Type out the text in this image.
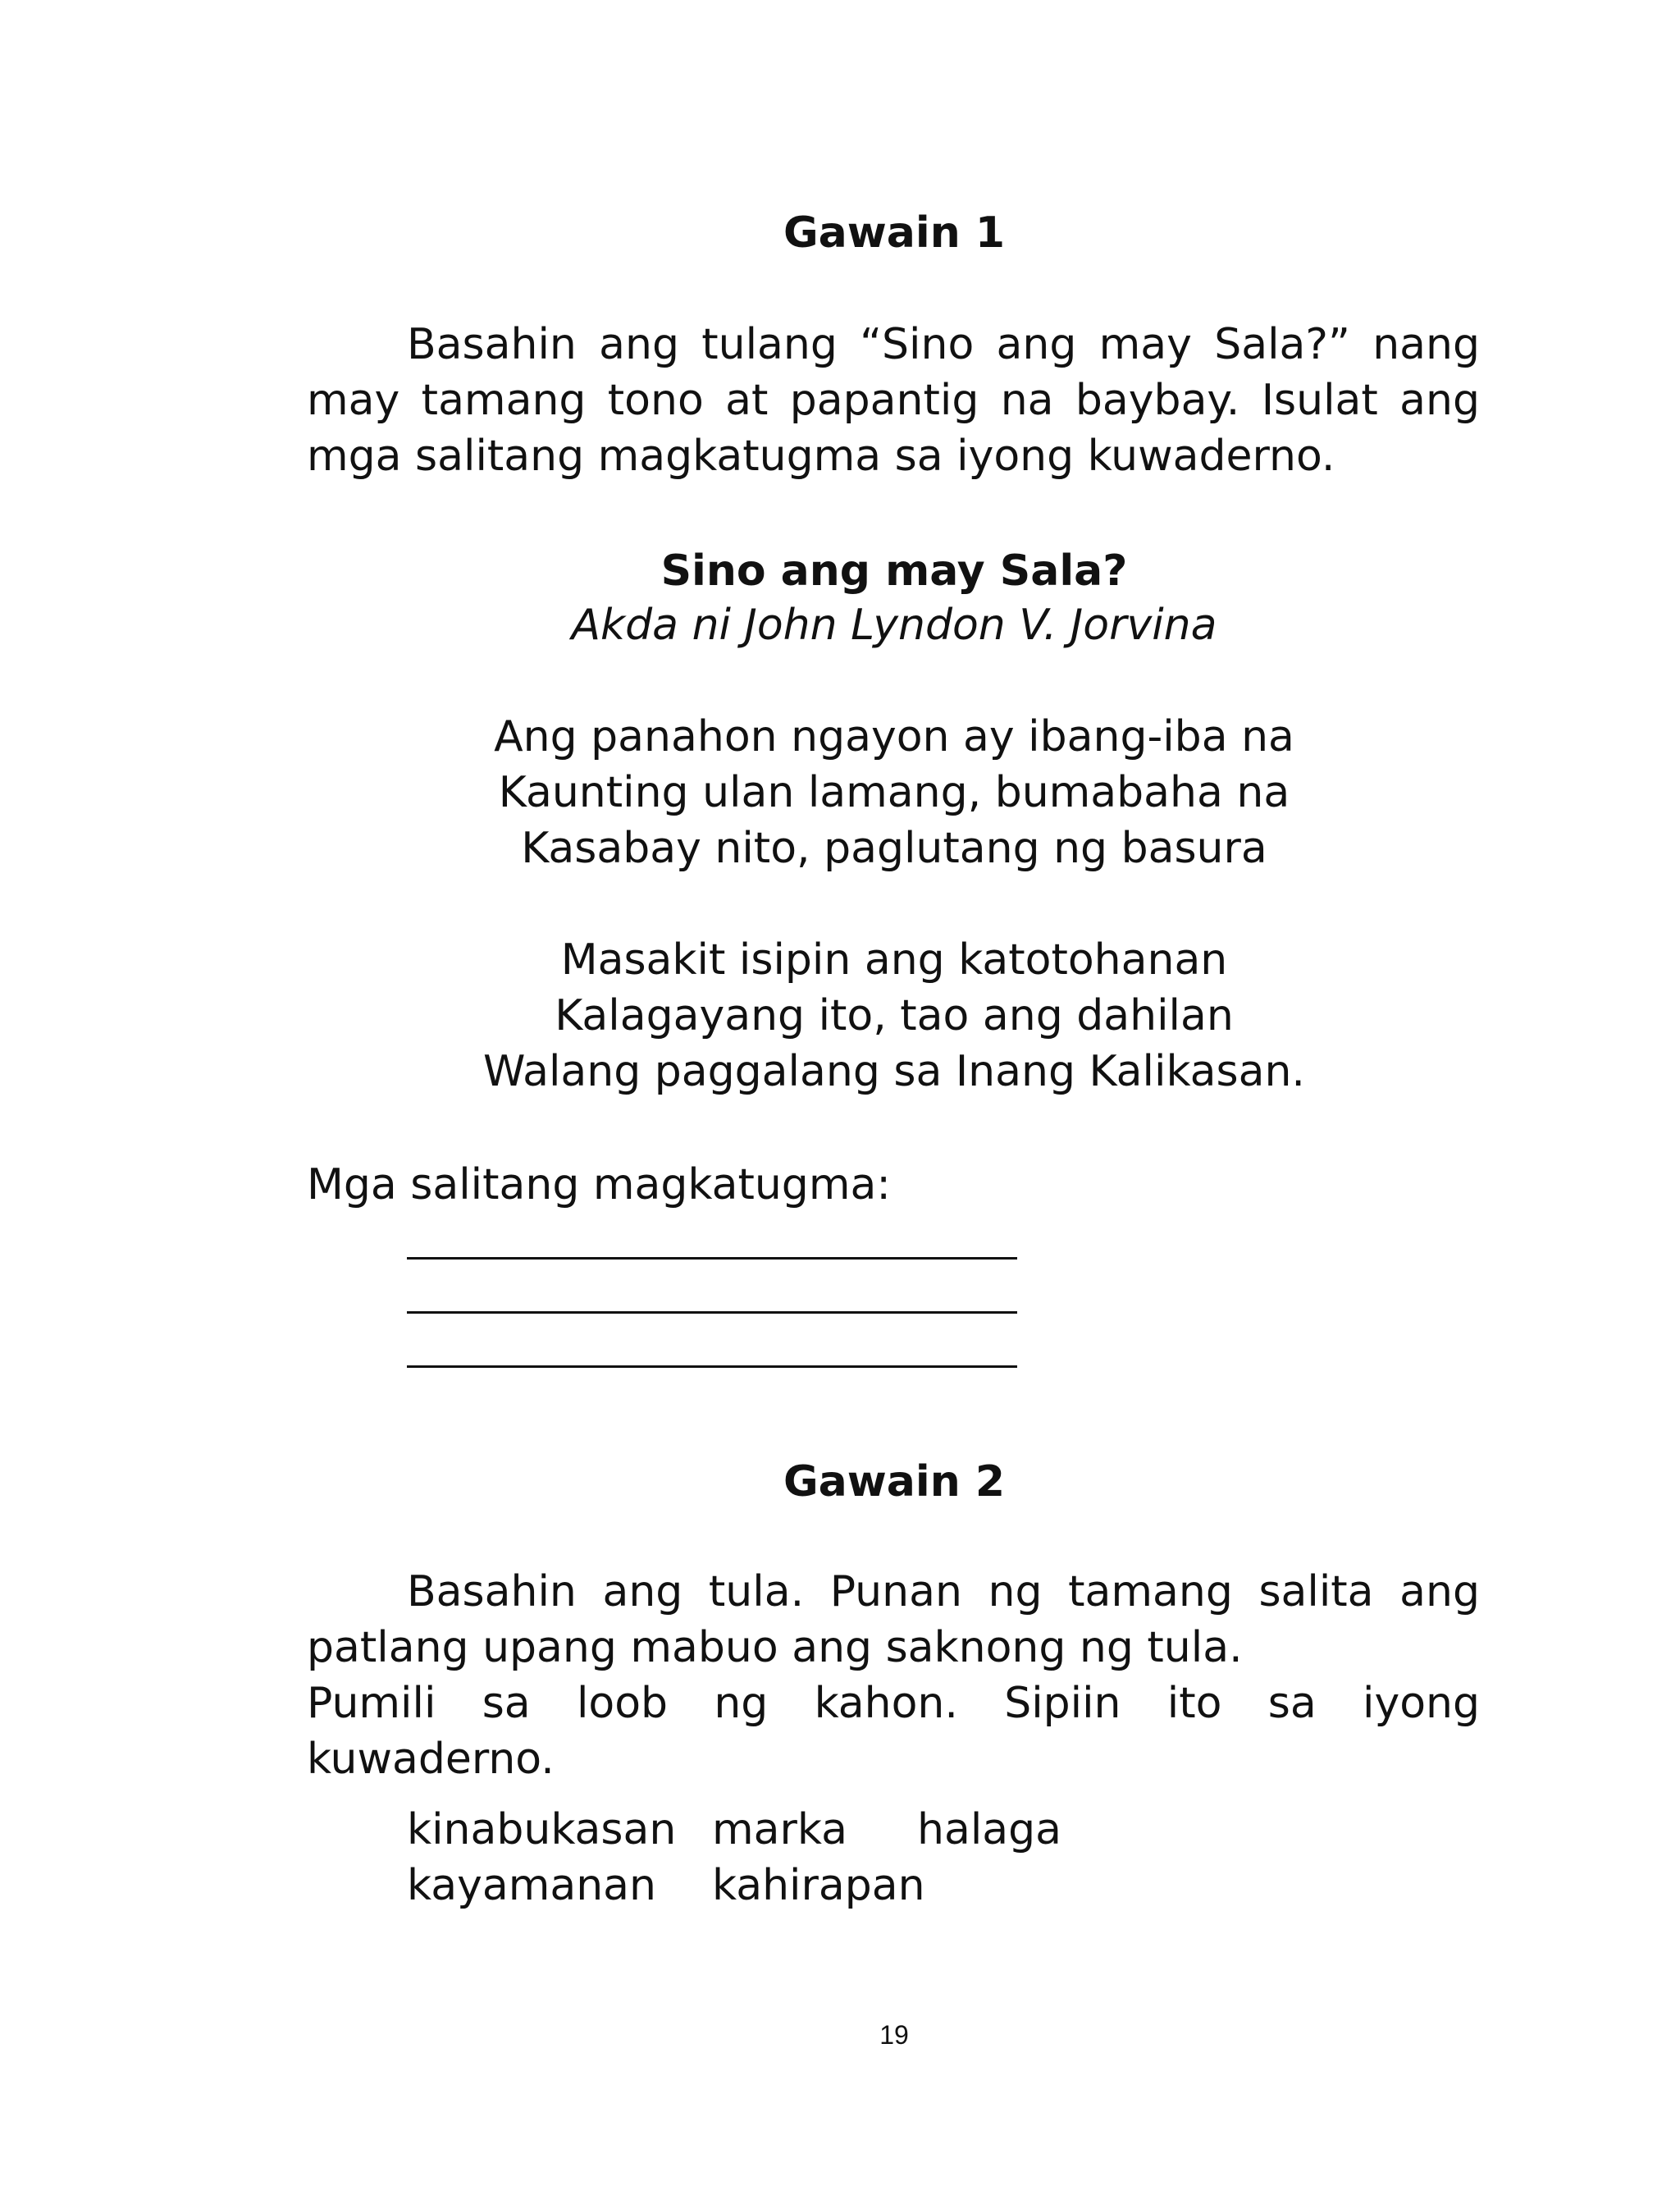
Gawain 1
Basahin ang tulang “Sino ang may Sala?” nang
may tamang tono at papantig na baybay. Isulat ang
mga salitang magkatugma sa iyong kuwaderno.
Sino ang may Sala?
Akda ni John Lyndon V. Jorvina
Ang panahon ngayon ay ibang-iba na
Kaunting ulan lamang, bumabaha na
Kasabay nito, paglutang ng basura
Masakit isipin ang katotohanan
Kalagayang ito, tao ang dahilan
Walang paggalang sa Inang Kalikasan.
Mga salitang magkatugma:
Gawain 2
Basahin ang tula. Punan ng tamang salita ang
patlang upang mabuo ang saknong ng tula.
Pumili sa loob ng kahon. Sipiin ito sa iyong
kuwaderno.
kinabukasan marka halaga
kayamanan kahirapan
19
